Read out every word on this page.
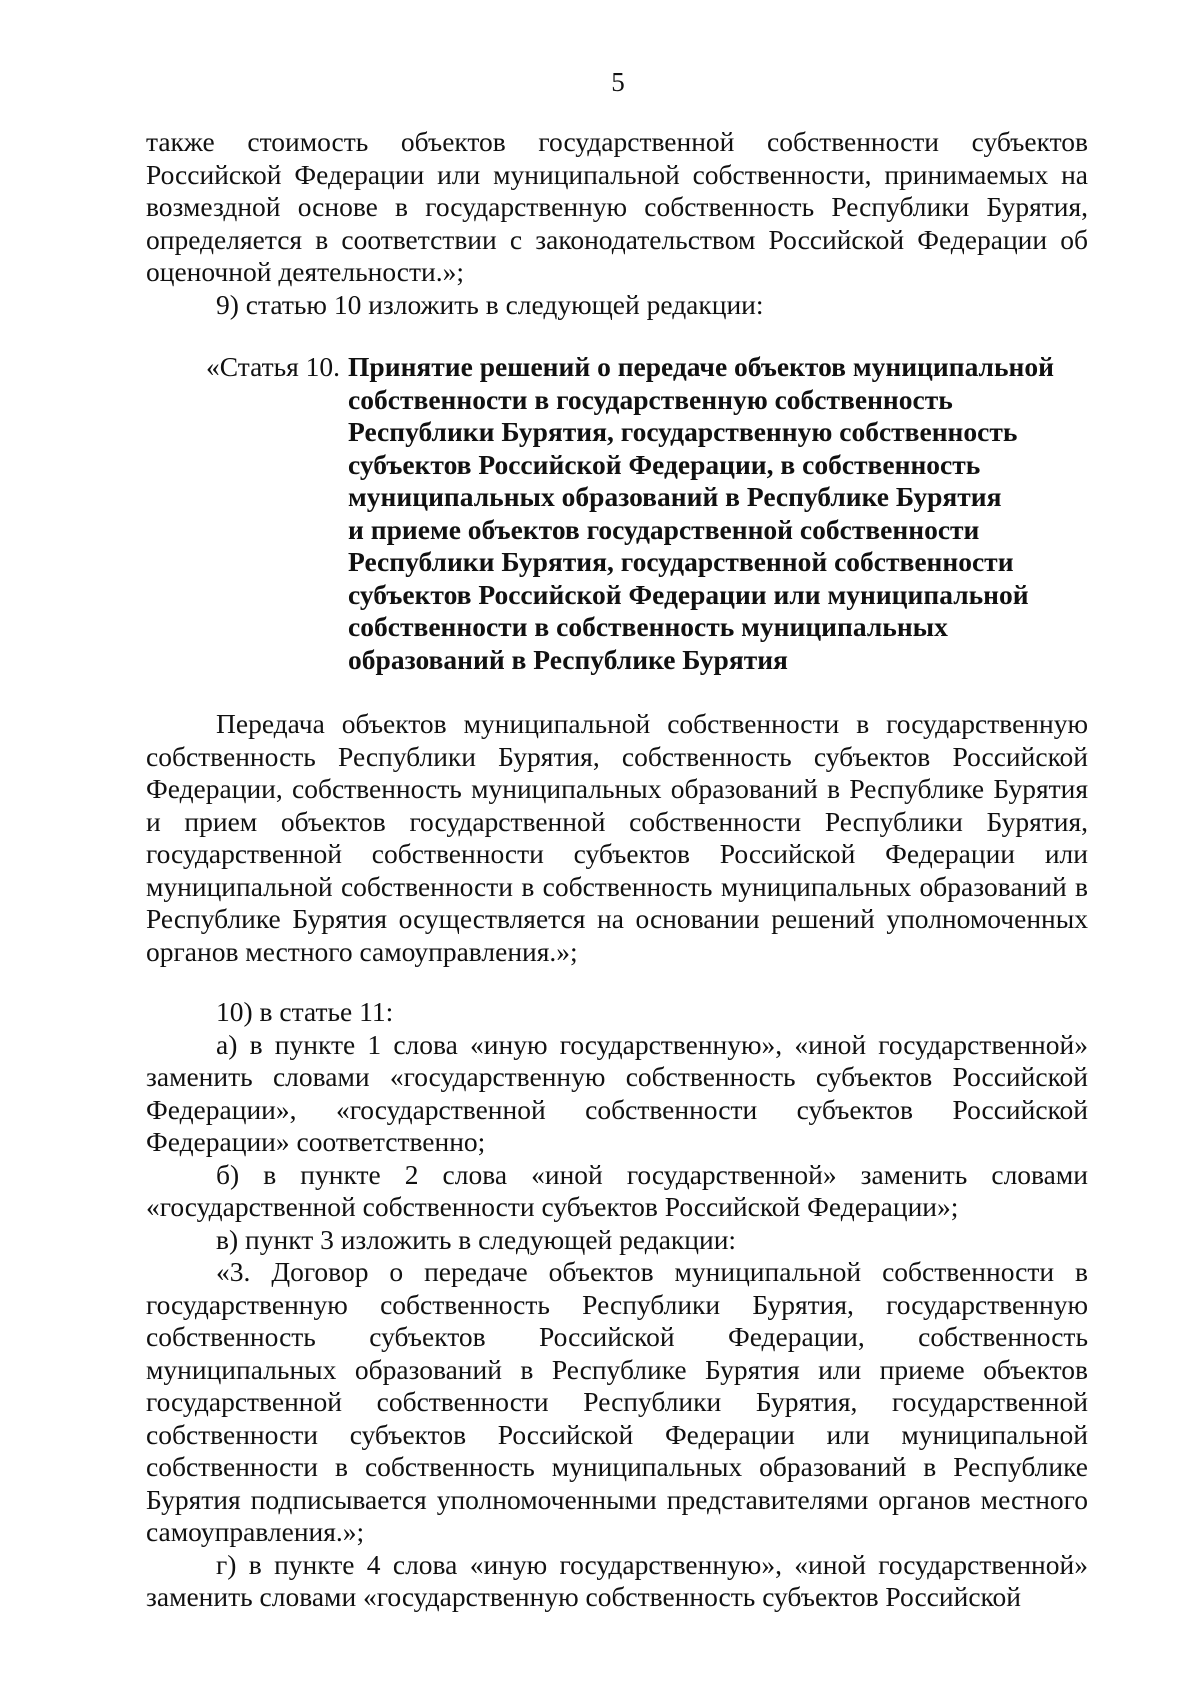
5

также стоимость объектов государственной собственности субъектов Российской Федерации или муниципальной собственности, принимаемых на возмездной основе в государственную собственность Республики Бурятия, определяется в соответствии с законодательством Российской Федерации об оценочной деятельности.»;

9) статью 10 изложить в следующей редакции:

«Статья 10. Принятие решений о передаче объектов муниципальной
собственности в государственную собственность
Республики Бурятия, государственную собственность
субъектов Российской Федерации, в собственность
муниципальных образований в Республике Бурятия
и приеме объектов государственной собственности
Республики Бурятия, государственной собственности
субъектов Российской Федерации или муниципальной
собственности в собственность муниципальных
образований в Республике Бурятия

Передача объектов муниципальной собственности в государственную собственность Республики Бурятия, собственность субъектов Российской Федерации, собственность муниципальных образований в Республике Бурятия и прием объектов государственной собственности Республики Бурятия, государственной собственности субъектов Российской Федерации или муниципальной собственности в собственность муниципальных образований в Республике Бурятия осуществляется на основании решений уполномоченных органов местного самоуправления.»;

10) в статье 11:

а) в пункте 1 слова «иную государственную», «иной государственной» заменить словами «государственную собственность субъектов Российской Федерации», «государственной собственности субъектов Российской Федерации» соответственно;

б) в пункте 2 слова «иной государственной» заменить словами «государственной собственности субъектов Российской Федерации»;

в) пункт 3 изложить в следующей редакции:

«3. Договор о передаче объектов муниципальной собственности в государственную собственность Республики Бурятия, государственную собственность субъектов Российской Федерации, собственность муниципальных образований в Республике Бурятия или приеме объектов государственной собственности Республики Бурятия, государственной собственности субъектов Российской Федерации или муниципальной собственности в собственность муниципальных образований в Республике Бурятия подписывается уполномоченными представителями органов местного самоуправления.»;

г) в пункте 4 слова «иную государственную», «иной государственной» заменить словами «государственную собственность субъектов Российской
